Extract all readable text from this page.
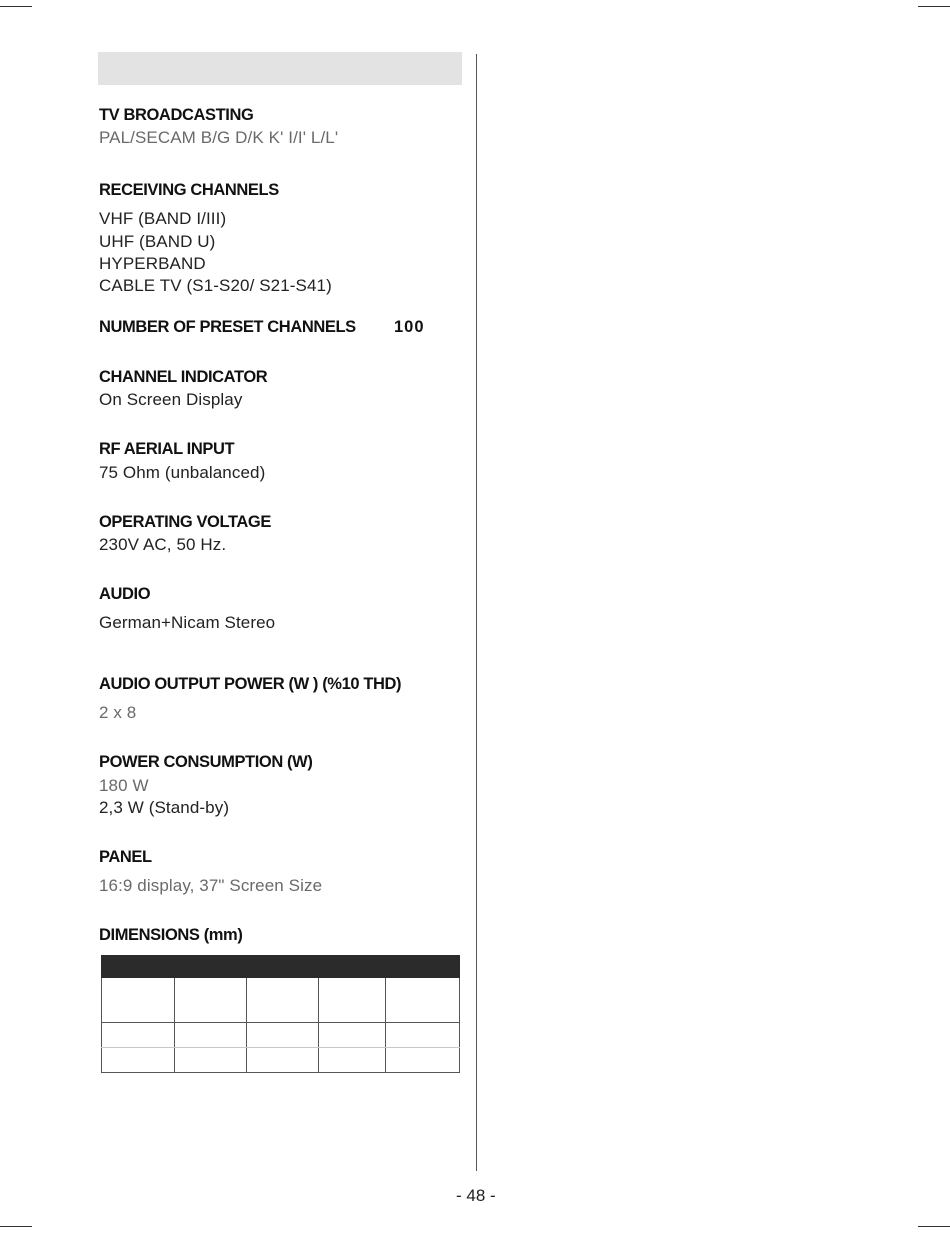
TV BROADCASTING
PAL/SECAM B/G D/K K' I/I' L/L'
RECEIVING CHANNELS
VHF (BAND I/III)
UHF (BAND U)
HYPERBAND
CABLE TV (S1-S20/ S21-S41)
NUMBER OF PRESET CHANNELS 100
CHANNEL INDICATOR
On Screen Display
RF AERIAL INPUT
75 Ohm (unbalanced)
OPERATING VOLTAGE
230V AC, 50 Hz.
AUDIO
German+Nicam Stereo
AUDIO OUTPUT POWER (W ) (%10 THD)
2 x 8
POWER CONSUMPTION (W)
180 W
2,3 W (Stand-by)
PANEL
16:9 display, 37" Screen Size
DIMENSIONS (mm)

- 48 -
